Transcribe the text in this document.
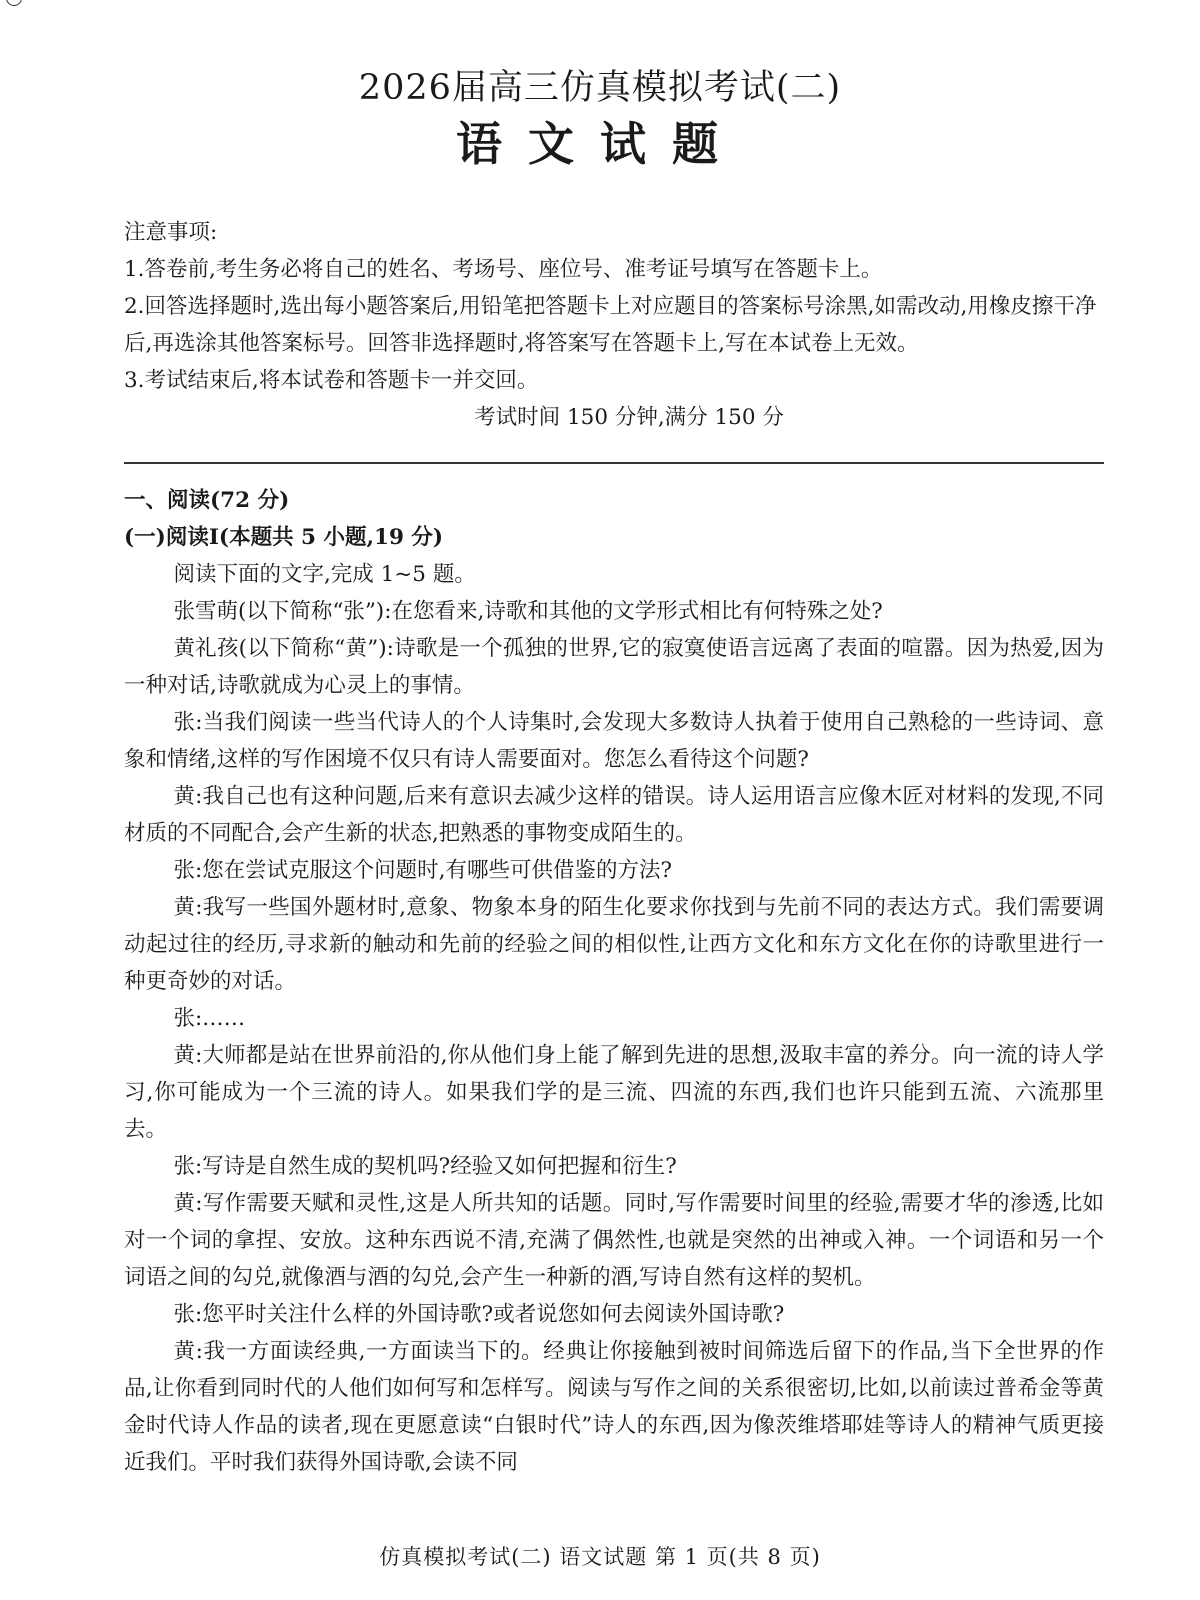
2026届高三仿真模拟考试(二)
语文试题

注意事项:

1.答卷前,考生务必将自己的姓名、考场号、座位号、准考证号填写在答题卡上。

2.回答选择题时,选出每小题答案后,用铅笔把答题卡上对应题目的答案标号涂黑,如需改动,用橡皮擦干净后,再选涂其他答案标号。回答非选择题时,将答案写在答题卡上,写在本试卷上无效。

3.考试结束后,将本试卷和答题卡一并交回。

考试时间 150 分钟,满分 150 分

一、阅读(72 分)

(一)阅读Ⅰ(本题共 5 小题,19 分)

阅读下面的文字,完成 1~5 题。

张雪萌(以下简称“张”):在您看来,诗歌和其他的文学形式相比有何特殊之处?

黄礼孩(以下简称“黄”):诗歌是一个孤独的世界,它的寂寞使语言远离了表面的喧嚣。因为热爱,因为一种对话,诗歌就成为心灵上的事情。

张:当我们阅读一些当代诗人的个人诗集时,会发现大多数诗人执着于使用自己熟稔的一些诗词、意象和情绪,这样的写作困境不仅只有诗人需要面对。您怎么看待这个问题?

黄:我自己也有这种问题,后来有意识去减少这样的错误。诗人运用语言应像木匠对材料的发现,不同材质的不同配合,会产生新的状态,把熟悉的事物变成陌生的。

张:您在尝试克服这个问题时,有哪些可供借鉴的方法?

黄:我写一些国外题材时,意象、物象本身的陌生化要求你找到与先前不同的表达方式。我们需要调动起过往的经历,寻求新的触动和先前的经验之间的相似性,让西方文化和东方文化在你的诗歌里进行一种更奇妙的对话。

张:……

黄:大师都是站在世界前沿的,你从他们身上能了解到先进的思想,汲取丰富的养分。向一流的诗人学习,你可能成为一个三流的诗人。如果我们学的是三流、四流的东西,我们也许只能到五流、六流那里去。

张:写诗是自然生成的契机吗?经验又如何把握和衍生?

黄:写作需要天赋和灵性,这是人所共知的话题。同时,写作需要时间里的经验,需要才华的渗透,比如对一个词的拿捏、安放。这种东西说不清,充满了偶然性,也就是突然的出神或入神。一个词语和另一个词语之间的勾兑,就像酒与酒的勾兑,会产生一种新的酒,写诗自然有这样的契机。

张:您平时关注什么样的外国诗歌?或者说您如何去阅读外国诗歌?

黄:我一方面读经典,一方面读当下的。经典让你接触到被时间筛选后留下的作品,当下全世界的作品,让你看到同时代的人他们如何写和怎样写。阅读与写作之间的关系很密切,比如,以前读过普希金等黄金时代诗人作品的读者,现在更愿意读“白银时代”诗人的东西,因为像茨维塔耶娃等诗人的精神气质更接近我们。平时我们获得外国诗歌,会读不同

仿真模拟考试(二) 语文试题 第 1 页(共 8 页)
